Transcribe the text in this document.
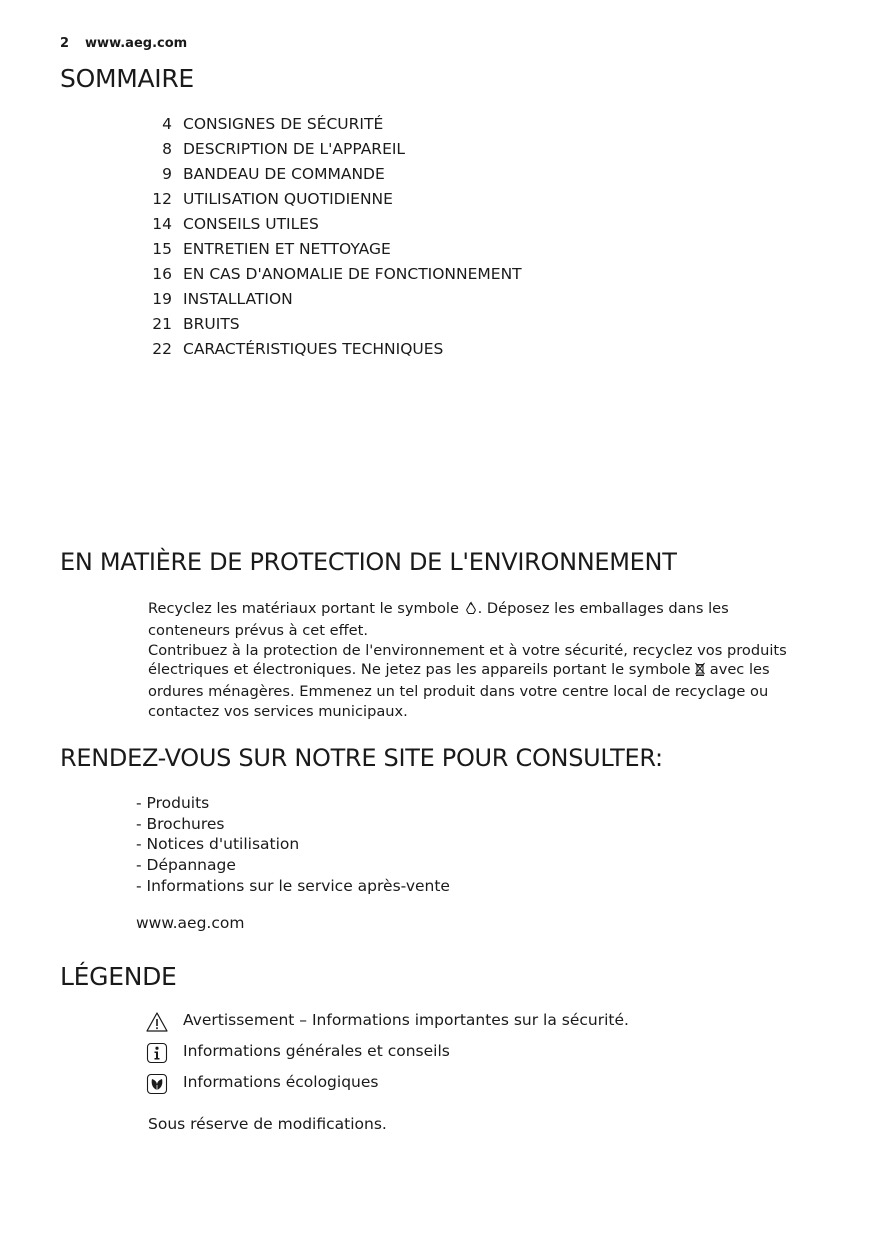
2 www.aeg.com
SOMMAIRE
4 CONSIGNES DE SÉCURITÉ
8 DESCRIPTION DE L'APPAREIL
9 BANDEAU DE COMMANDE
12 UTILISATION QUOTIDIENNE
14 CONSEILS UTILES
15 ENTRETIEN ET NETTOYAGE
16 EN CAS D'ANOMALIE DE FONCTIONNEMENT
19 INSTALLATION
21 BRUITS
22 CARACTÉRISTIQUES TECHNIQUES
EN MATIÈRE DE PROTECTION DE L'ENVIRONNEMENT

Recyclez les matériaux portant le symbole . Déposez les emballages dans les

conteneurs prévus à cet effet.

Contribuez à la protection de l'environnement et à votre sécurité, recyclez vos produits

électriques et électroniques. Ne jetez pas les appareils portant le symbole avec les

ordures ménagères. Emmenez un tel produit dans votre centre local de recyclage ou

contactez vos services municipaux.

RENDEZ-VOUS SUR NOTRE SITE POUR CONSULTER:
- Produits
- Brochures
- Notices d'utilisation
- Dépannage
- Informations sur le service après-vente
www.aeg.com
LÉGENDE
Avertissement – Informations importantes sur la sécurité.
Informations générales et conseils
Informations écologiques
Sous réserve de modifications.
